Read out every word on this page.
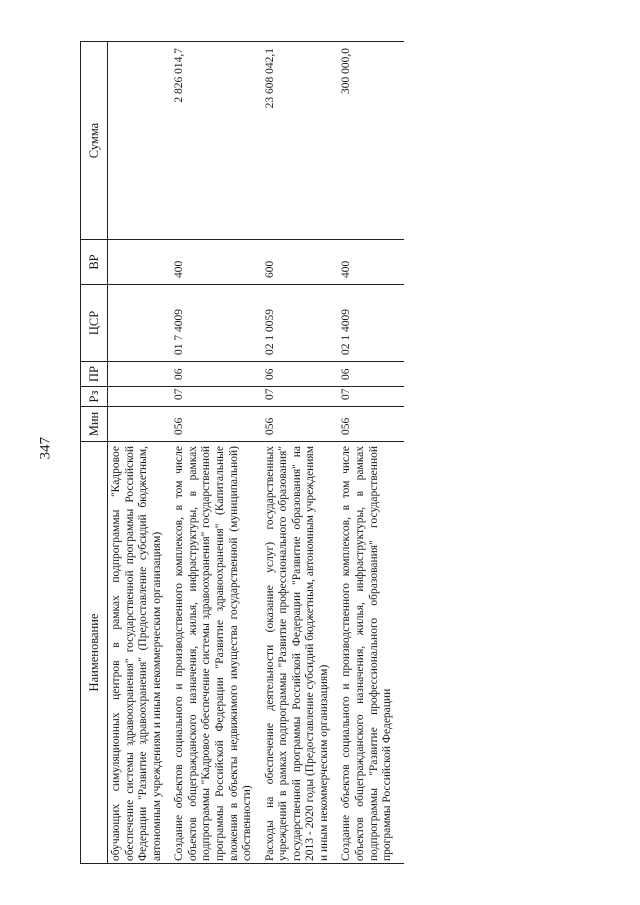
347
Наименование	Мин	Рз	ПР	ЦСР	ВР	Сумма
обучающих симуляционных центров в рамках подпрограммы "Кадровое обеспечение системы здравоохранения" государственной программы Российской Федерации "Развитие здравоохранения" (Предоставление субсидий бюджетным, автономным учреждениям и иным некоммерческим организациям)						
Создание объектов социального и производственного комплексов, в том числе объектов общегражданского назначения, жилья, инфраструктуры, в рамках подпрограммы "Кадровое обеспечение системы здравоохранения" государственной программы Российской Федерации "Развитие здравоохранения" (Капитальные вложения в объекты недвижимого имущества государственной (муниципальной) собственности)	056	07	06	01 7 4009	400	2 826 014,7
Расходы на обеспечение деятельности (оказание услуг) государственных учреждений в рамках подпрограммы "Развитие профессионального образования" государственной программы Российской Федерации "Развитие образования" на 2013 - 2020 годы (Предоставление субсидий бюджетным, автономным учреждениям и иным некоммерческим организациям)	056	07	06	02 1 0059	600	23 608 042,1
Создание объектов социального и производственного комплексов, в том числе объектов общегражданского назначения, жилья, инфраструктуры, в рамках подпрограммы "Развитие профессионального образования" государственной программы Российской Федерации	056	07	06	02 1 4009	400	300 000,0
